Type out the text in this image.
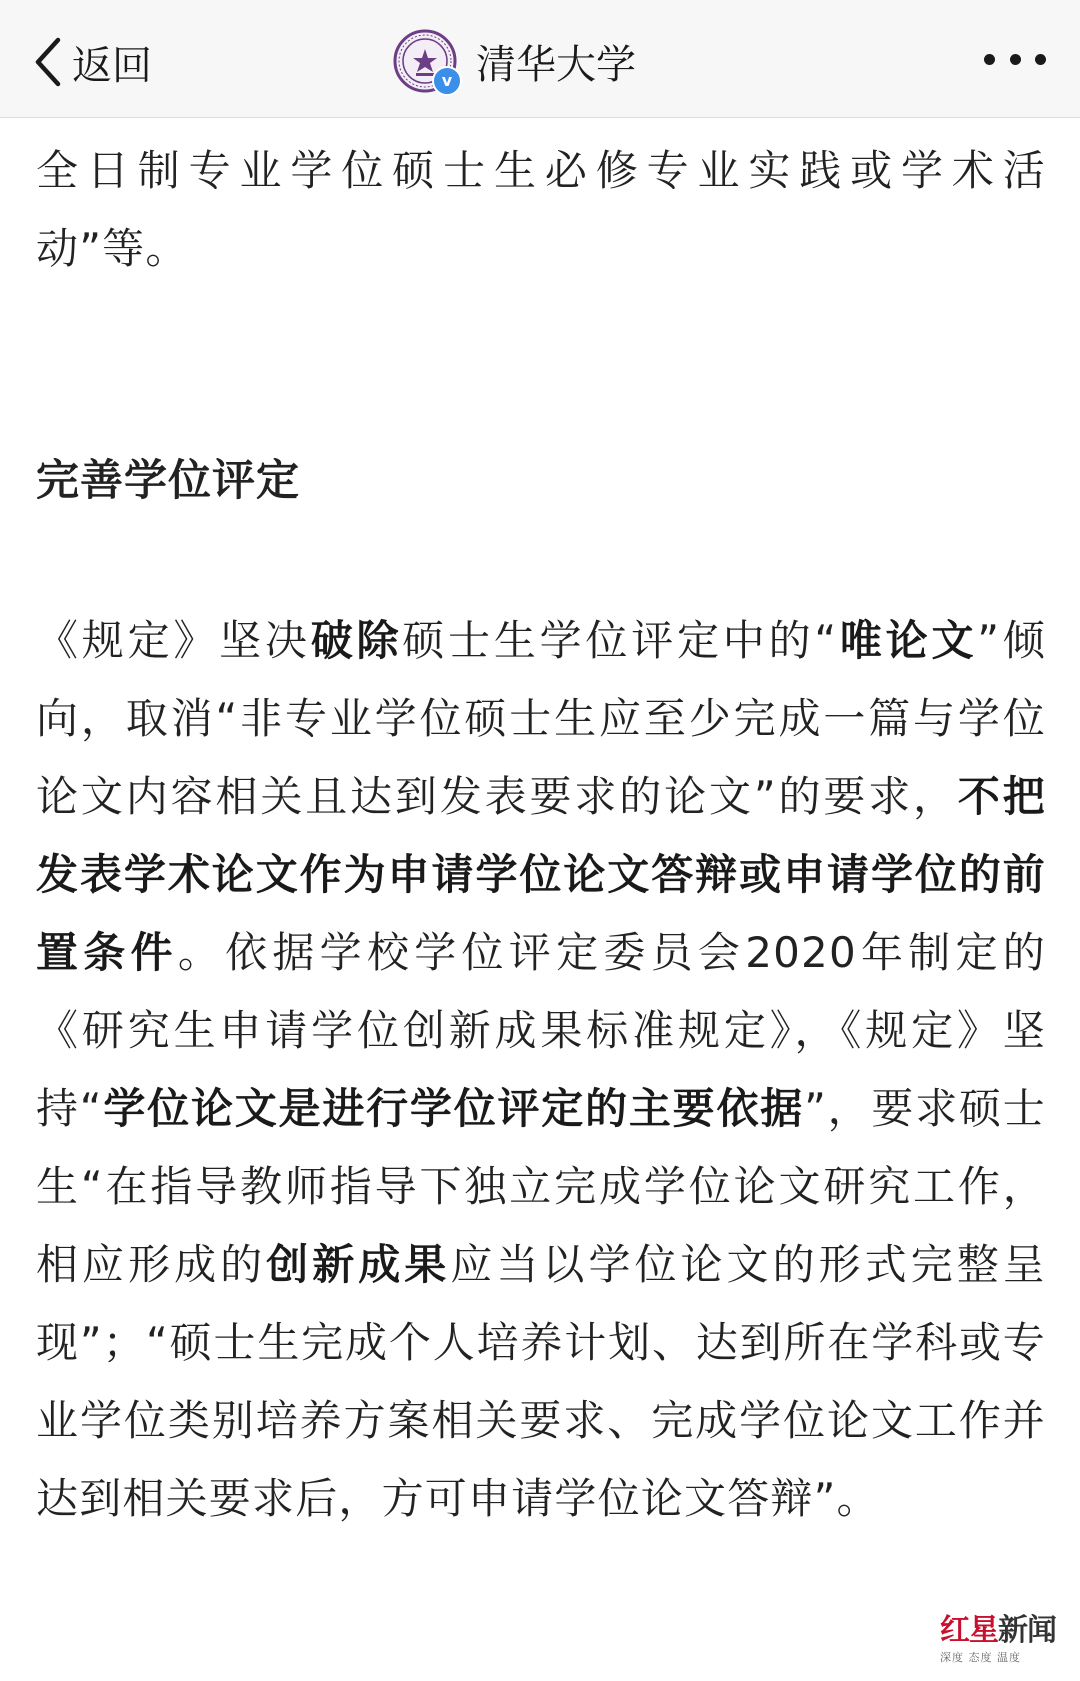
返回	v 清华大学

全日制专业学位硕士生必修专业实践或学术活动”等。

完善学位评定

《规定》坚决破除硕士生学位评定中的“唯论文”倾向，取消“非专业学位硕士生应至少完成一篇与学位论文内容相关且达到发表要求的论文”的要求，不把发表学术论文作为申请学位论文答辩或申请学位的前置条件。依据学校学位评定委员会2020年制定的《研究生申请学位创新成果标准规定》，《规定》坚持“学位论文是进行学位评定的主要依据”，要求硕士生“在指导教师指导下独立完成学位论文研究工作，相应形成的创新成果应当以学位论文的形式完整呈现”；“硕士生完成个人培养计划、达到所在学科或专业学位类别培养方案相关要求、完成学位论文工作并达到相关要求后，方可申请学位论文答辩”。

红星新闻
深度 态度 温度
